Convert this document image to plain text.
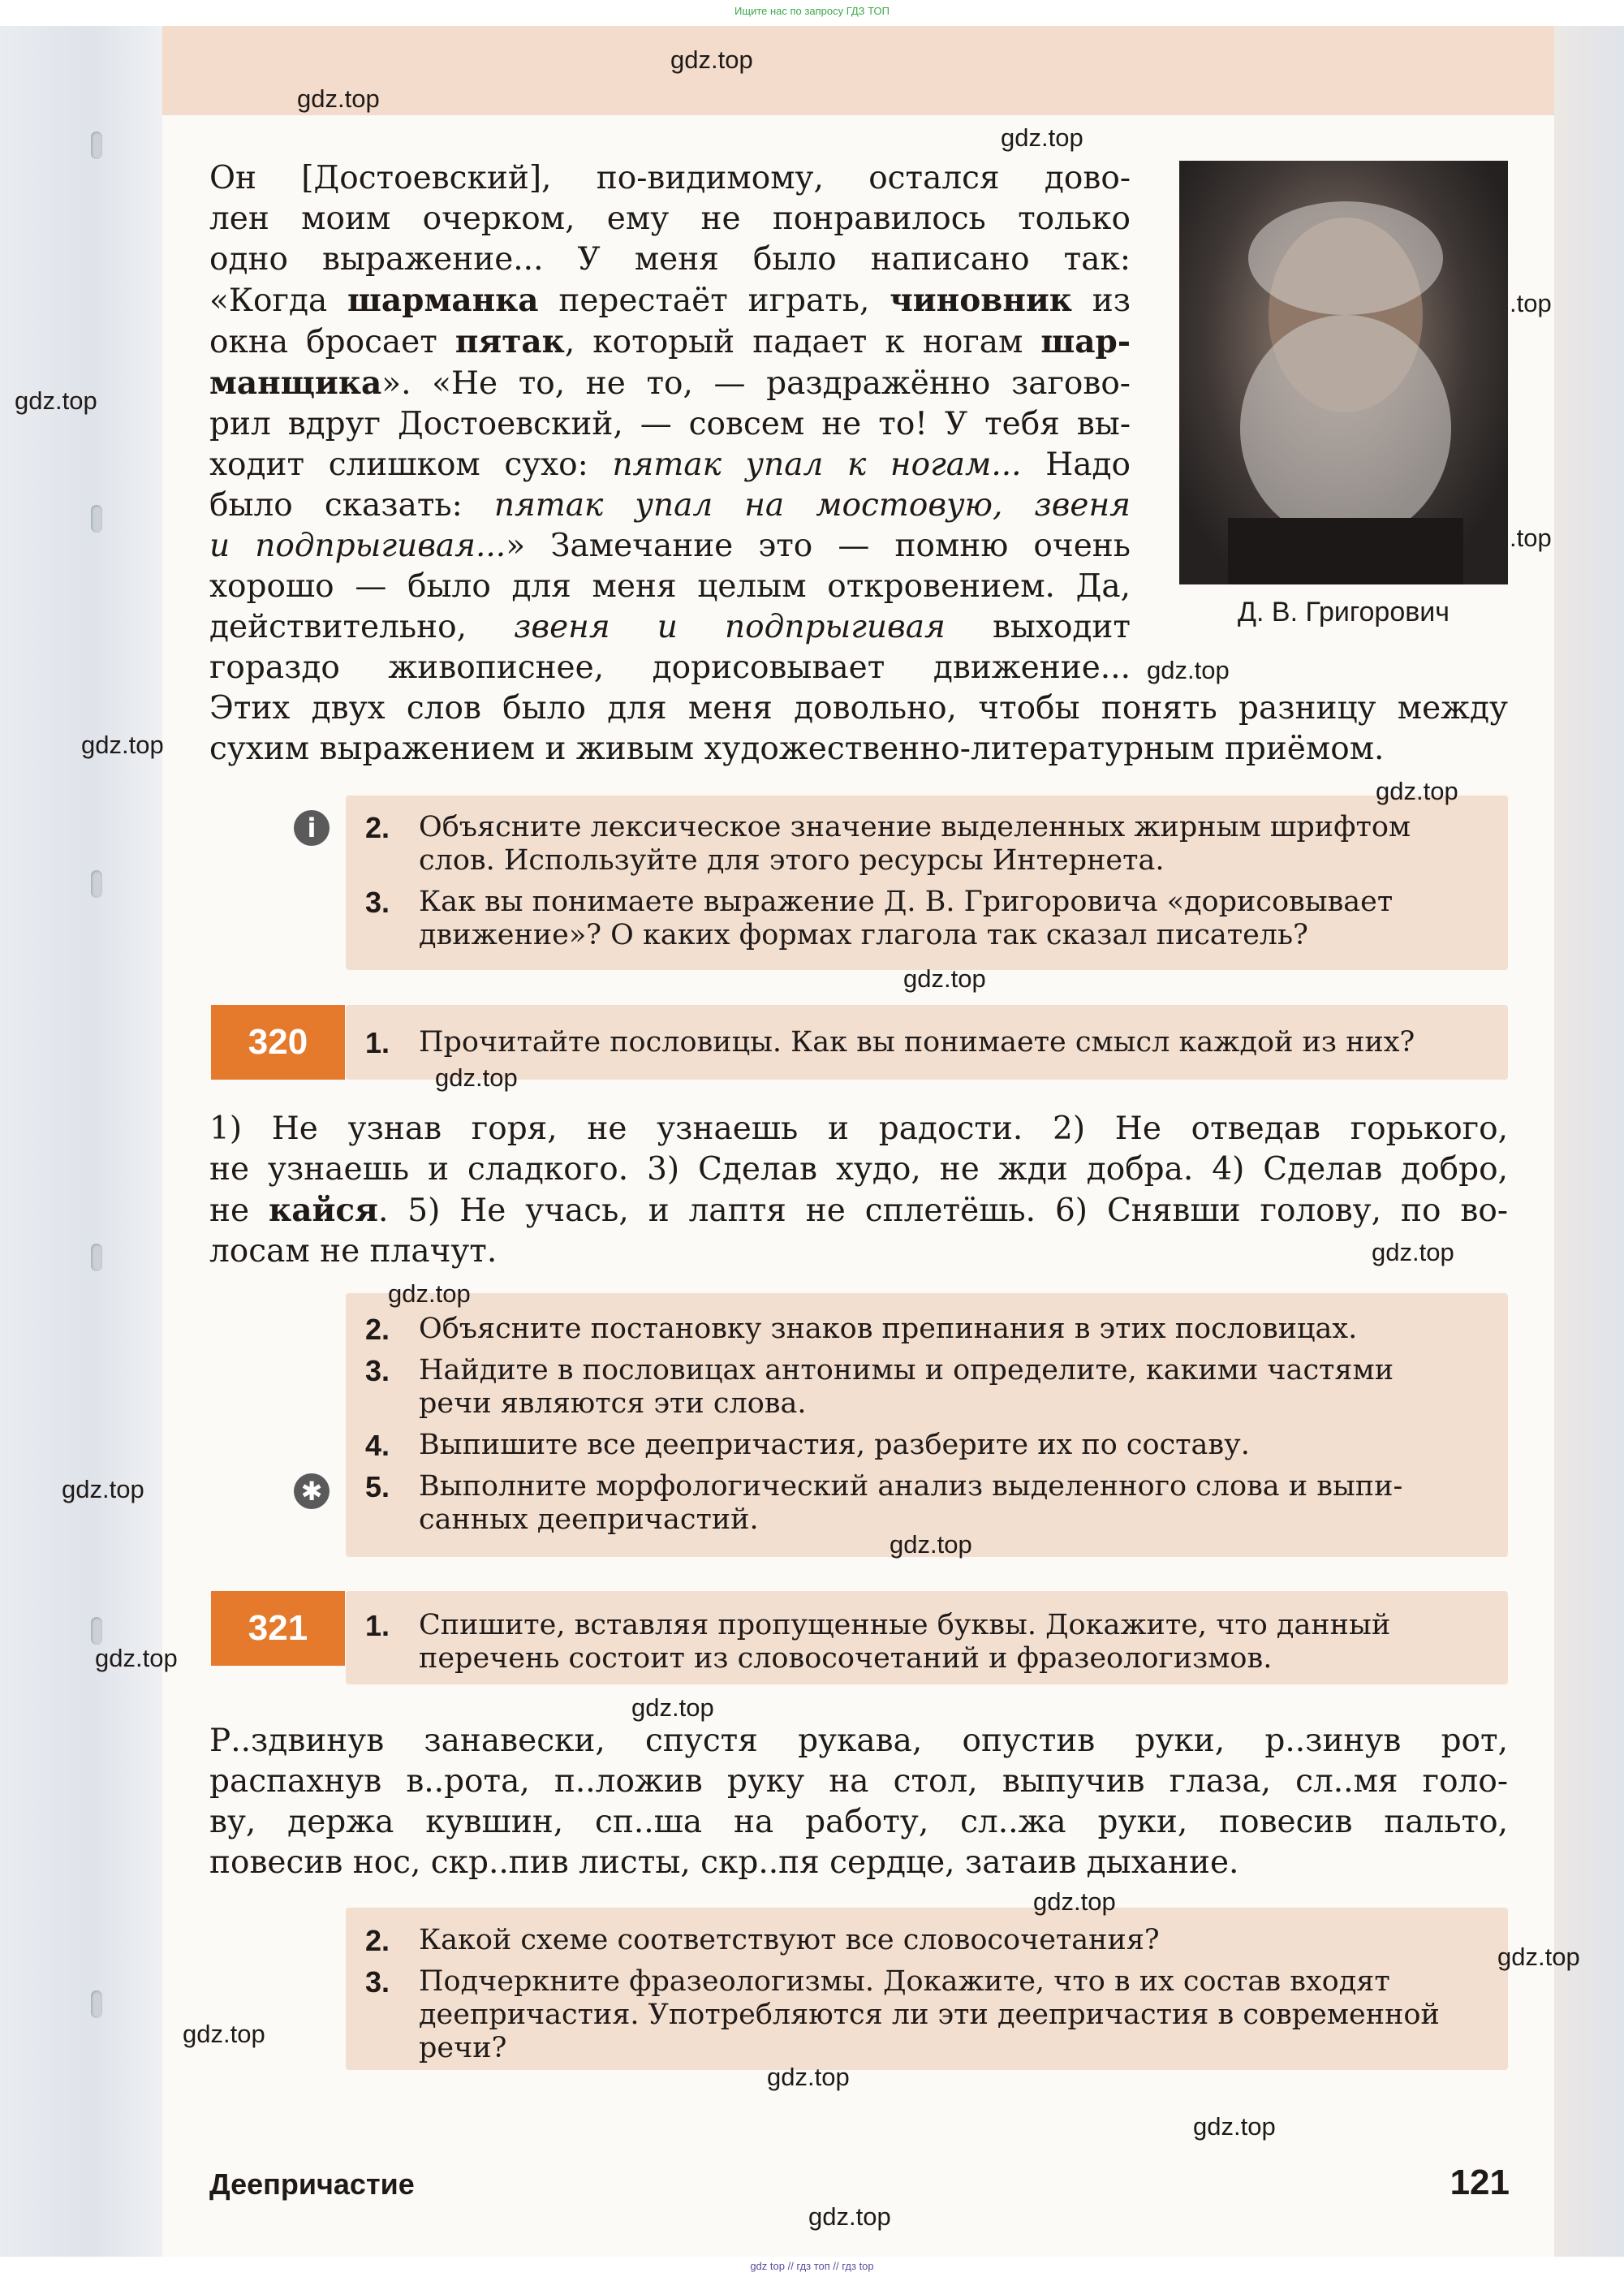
Ищите нас по запросу ГДЗ ТОП
Он [Достоевский], по-видимому, остался дово-
лен моим очерком, ему не понравилось только
одно выражение... У меня было написано так:
«Когда шарманка перестаёт играть, чиновник из
окна бросает пятак, который падает к ногам шар-
манщика». «Не то, не то, — раздражённо загово-
рил вдруг Достоевский, — совсем не то! У тебя вы-
ходит слишком сухо: пятак упал к ногам... Надо
было сказать: пятак упал на мостовую, звеня
и подпрыгивая...» Замечание это — помню очень
хорошо — было для меня целым откровением. Да,
действительно, звеня и подпрыгивая выходит
гораздо живописнее, дорисовывает движение...
Этих двух слов было для меня довольно, чтобы понять разницу между
сухим выражением и живым художественно-литературным приёмом.
Д. В. Григорович
i	2. Объясните лексическое значение выделенных жирным шрифтом
слов. Используйте для этого ресурсы Интернета.
3. Как вы понимаете выражение Д. В. Григоровича «дорисовывает
движение»? О каких формах глагола так сказал писатель?
320	1. Прочитайте пословицы. Как вы понимаете смысл каждой из них?
1) Не узнав горя, не узнаешь и радости. 2) Не отведав горького,
не узнаешь и сладкого. 3) Сделав худо, не жди добра. 4) Сделав добро,
не кайся. 5) Не учась, и лаптя не сплетёшь. 6) Снявши голову, по во-
лосам не плачут.
✱
2. Объясните постановку знаков препинания в этих пословицах.
3. Найдите в пословицах антонимы и определите, какими частями
речи являются эти слова.
4. Выпишите все деепричастия, разберите их по составу.
5. Выполните морфологический анализ выделенного слова и выпи-
санных деепричастий.
321	1. Спишите, вставляя пропущенные буквы. Докажите, что данный
перечень состоит из словосочетаний и фразеологизмов.
Р..здвинув занавески, спустя рукава, опустив руки, р..зинув рот,
распахнув в..рота, п..ложив руку на стол, выпучив глаза, сл..мя голо-
ву, держа кувшин, сп..ша на работу, сл..жа руки, повесив пальто,
повесив нос, скр..пив листы, скр..пя сердце, затаив дыхание.
2. Какой схеме соответствуют все словосочетания?
3. Подчеркните фразеологизмы. Докажите, что в их состав входят
деепричастия. Употребляются ли эти деепричастия в современной
речи?
Деепричастие	121
gdz.top
gdz.top
gdz.top
.top
gdz.top
.top
gdz.top
gdz.top
gdz.top
gdz.top
gdz.top
gdz.top
gdz.top
gdz.top
gdz.top
gdz.top
gdz.top
gdz.top
gdz.top
gdz.top
gdz.top
gdz.top
gdz.top
gdz top // гдз топ // гдз top
